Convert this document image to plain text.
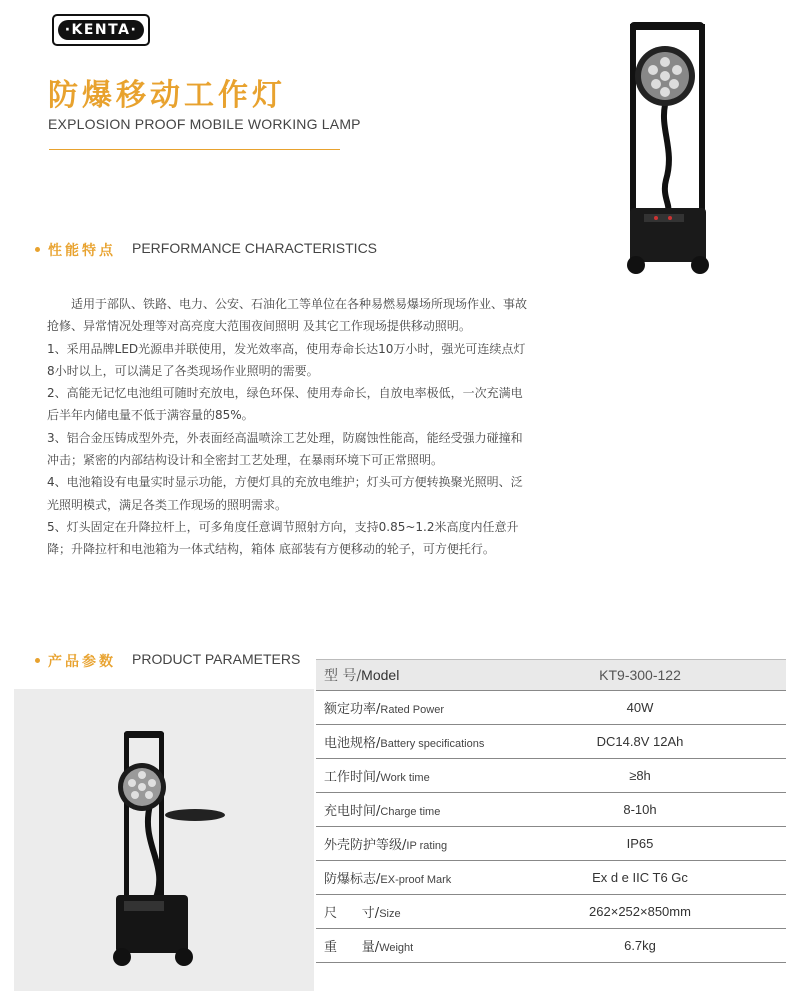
·KENTA·
防爆移动工作灯
EXPLOSION PROOF MOBILE WORKING LAMP
性能特点 PERFORMANCE CHARACTERISTICS

适用于部队、铁路、电力、公安、石油化工等单位在各种易燃易爆场所现场作业、事故抢修、异常情况处理等对高亮度大范围夜间照明 及其它工作现场提供移动照明。

1、采用品牌LED光源串并联使用，发光效率高，使用寿命长达10万小时，强光可连续点灯8小时以上，可以满足了各类现场作业照明的需要。

2、高能无记忆电池组可随时充放电，绿色环保、使用寿命长，自放电率极低，一次充满电后半年内储电量不低于满容量的85%。

3、铝合金压铸成型外壳，外表面经高温喷涂工艺处理，防腐蚀性能高，能经受强力碰撞和冲击；紧密的内部结构设计和全密封工艺处理，在暴雨环境下可正常照明。

4、电池箱设有电量实时显示功能，方便灯具的充放电维护；灯头可方便转换聚光照明、泛光照明模式，满足各类工作现场的照明需求。

5、灯头固定在升降拉杆上，可多角度任意调节照射方向，支持0.85~1.2米高度内任意升降；升降拉杆和电池箱为一体式结构，箱体 底部装有方便移动的轮子，可方便托行。

产品参数 PRODUCT PARAMETERS
型 号/Model	KT9-300-122
额定功率/Rated Power	40W
电池规格/Battery specifications	DC14.8V 12Ah
工作时间/Work time	≥8h
充电时间/Charge time	8-10h
外壳防护等级/IP rating	IP65
防爆标志/EX-proof Mark	Ex d e IIC T6 Gc
尺      寸/Size	262×252×850mm
重      量/Weight	6.7kg
